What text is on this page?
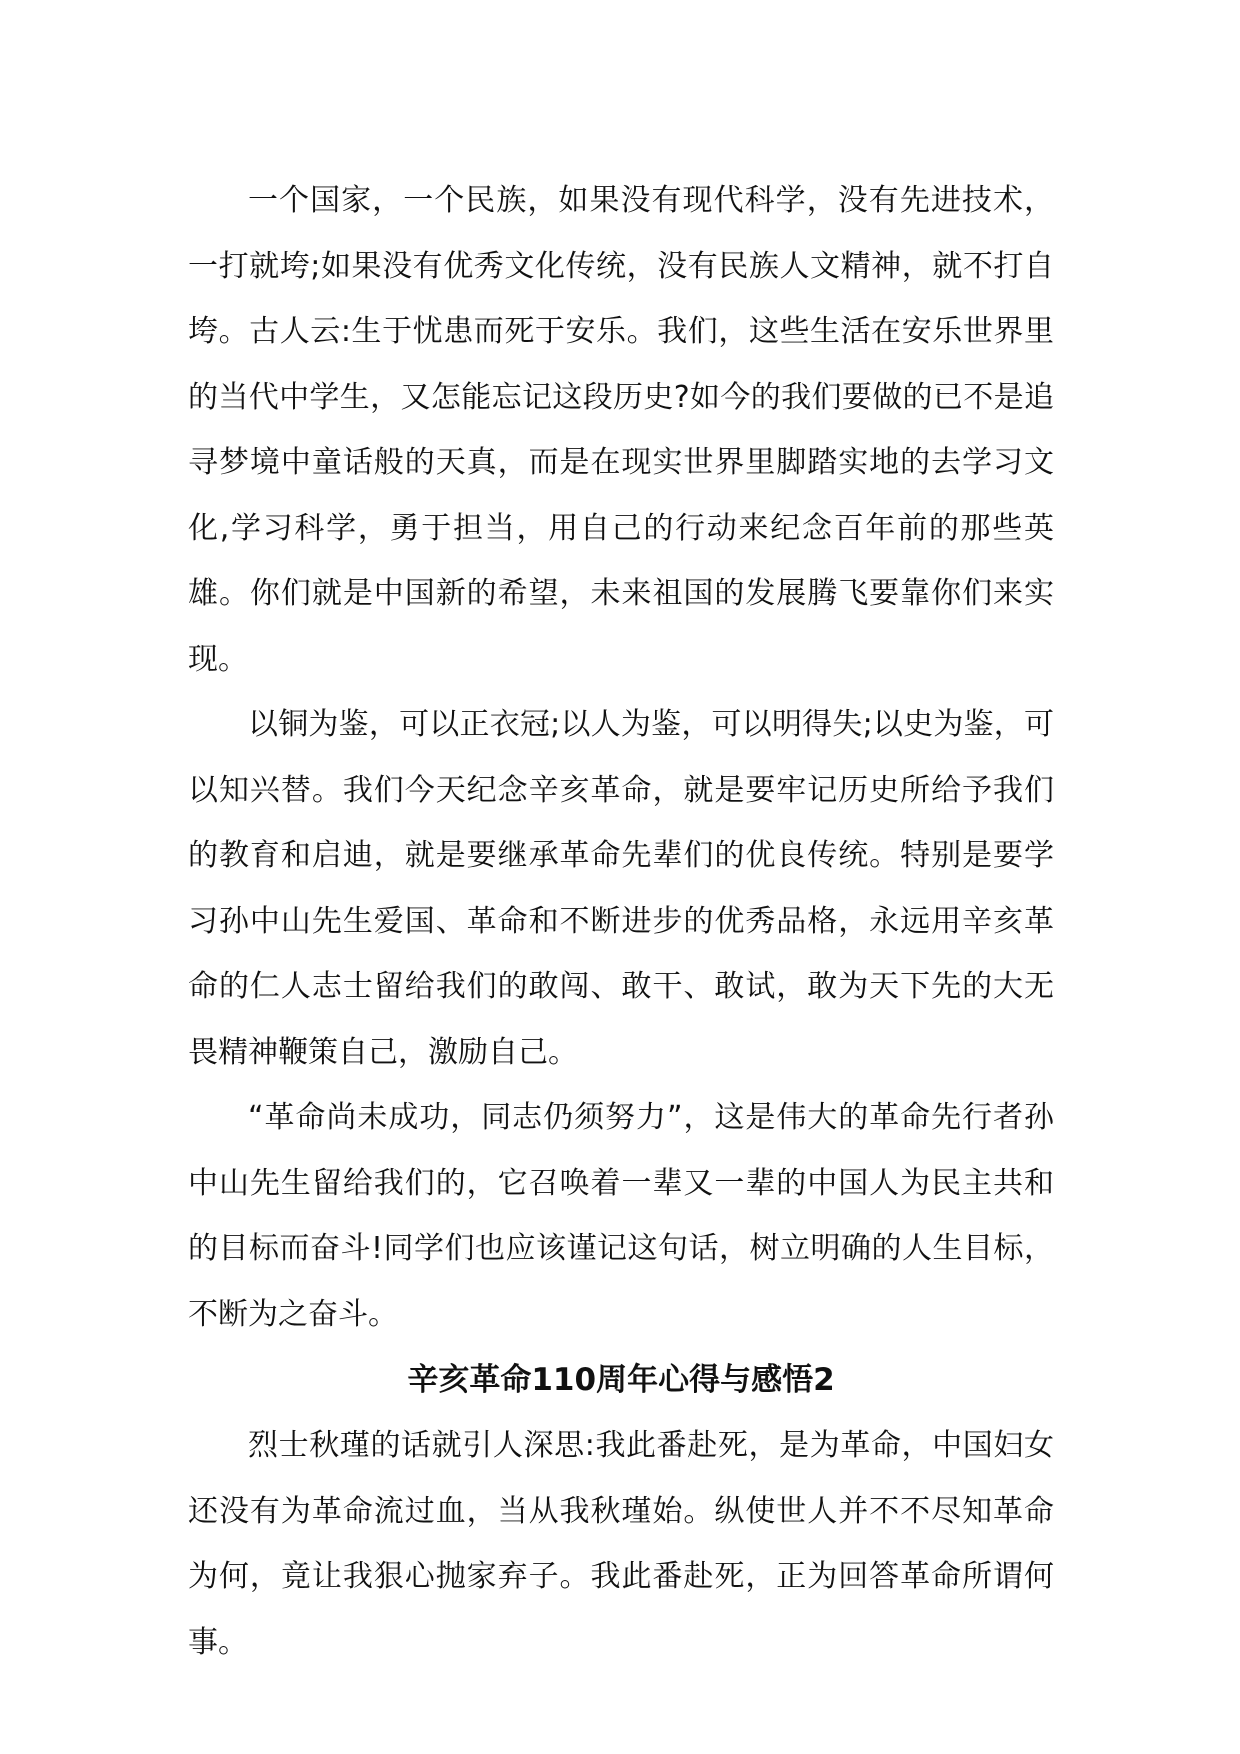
一个国家，一个民族，如果没有现代科学，没有先进技术，一打就垮;如果没有优秀文化传统，没有民族人文精神，就不打自垮。古人云:生于忧患而死于安乐。我们，这些生活在安乐世界里的当代中学生，又怎能忘记这段历史?如今的我们要做的已不是追寻梦境中童话般的天真，而是在现实世界里脚踏实地的去学习文化,学习科学，勇于担当，用自己的行动来纪念百年前的那些英雄。你们就是中国新的希望，未来祖国的发展腾飞要靠你们来实现。

以铜为鉴，可以正衣冠;以人为鉴，可以明得失;以史为鉴，可以知兴替。我们今天纪念辛亥革命，就是要牢记历史所给予我们的教育和启迪，就是要继承革命先辈们的优良传统。特别是要学习孙中山先生爱国、革命和不断进步的优秀品格，永远用辛亥革命的仁人志士留给我们的敢闯、敢干、敢试，敢为天下先的大无畏精神鞭策自己，激励自己。

“革命尚未成功，同志仍须努力”，这是伟大的革命先行者孙中山先生留给我们的，它召唤着一辈又一辈的中国人为民主共和的目标而奋斗!同学们也应该谨记这句话，树立明确的人生目标，不断为之奋斗。

辛亥革命110周年心得与感悟2

烈士秋瑾的话就引人深思:我此番赴死，是为革命，中国妇女还没有为革命流过血，当从我秋瑾始。纵使世人并不不尽知革命为何，竟让我狠心抛家弃子。我此番赴死，正为回答革命所谓何事。
